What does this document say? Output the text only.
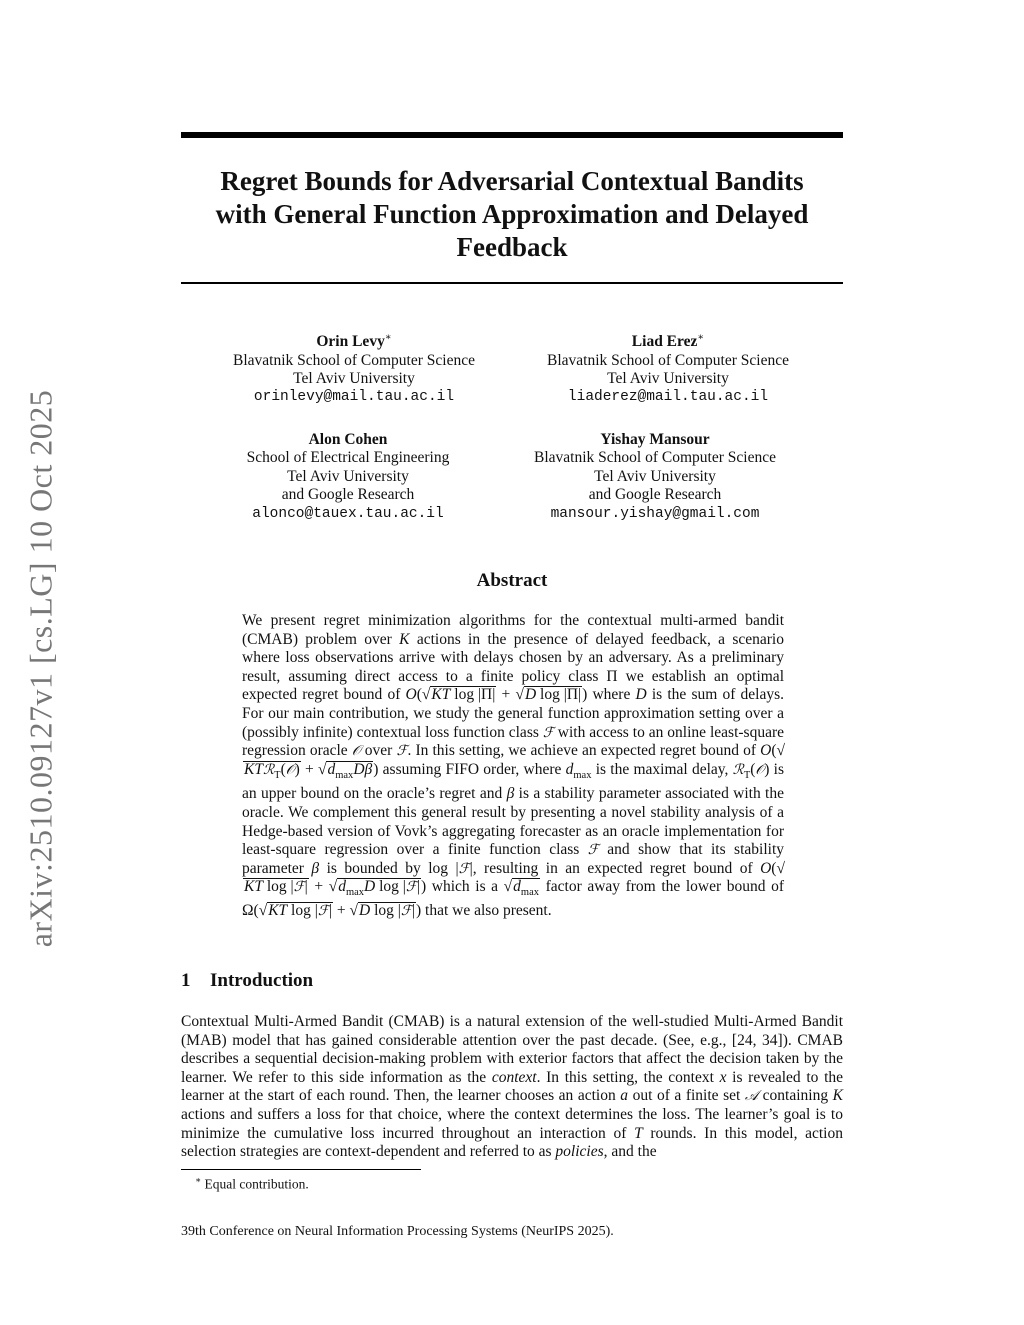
arXiv:2510.09127v1 [cs.LG] 10 Oct 2025
Regret Bounds for Adversarial Contextual Bandits
with General Function Approximation and Delayed
Feedback
Orin Levy∗
Blavatnik School of Computer Science
Tel Aviv University
orinlevy@mail.tau.ac.il
Liad Erez∗
Blavatnik School of Computer Science
Tel Aviv University
liaderez@mail.tau.ac.il
Alon Cohen
School of Electrical Engineering
Tel Aviv University
and Google Research
alonco@tauex.tau.ac.il
Yishay Mansour
Blavatnik School of Computer Science
Tel Aviv University
and Google Research
mansour.yishay@gmail.com
Abstract

We present regret minimization algorithms for the contextual multi-armed bandit (CMAB) problem over K actions in the presence of delayed feedback, a scenario where loss observations arrive with delays chosen by an adversary. As a preliminary result, assuming direct access to a finite policy class Π we establish an optimal expected regret bound of O(√KT log |Π| + √D log |Π|) where D is the sum of delays. For our main contribution, we study the general function approximation setting over a (possibly infinite) contextual loss function class ℱ with access to an online least-square regression oracle 𝒪 over ℱ. In this setting, we achieve an expected regret bound of O(√KTℛ$_T$(𝒪) + $√d_{max}D\beta$) assuming FIFO order, where $d_{max}$ is the maximal delay, ℛ$_T$(𝒪) is an upper bound on the oracle’s regret and β is a stability parameter associated with the oracle. We complement this general result by presenting a novel stability analysis of a Hedge-based version of Vovk’s aggregating forecaster as an oracle implementation for least-square regression over a finite function class ℱ and show that its stability parameter β is bounded by log |ℱ|, resulting in an expected regret bound of O(√KT log |ℱ| + $√d_{max}D$ log |ℱ|) which is a $√d_{max}$ factor away from the lower bound of Ω(√KT log |ℱ| + √D log |ℱ|) that we also present.

1 Introduction

Contextual Multi-Armed Bandit (CMAB) is a natural extension of the well-studied Multi-Armed Bandit (MAB) model that has gained considerable attention over the past decade. (See, e.g., [24, 34]). CMAB describes a sequential decision-making problem with exterior factors that affect the decision taken by the learner. We refer to this side information as the context. In this setting, the context x is revealed to the learner at the start of each round. Then, the learner chooses an action a out of a finite set 𝒜 containing K actions and suffers a loss for that choice, where the context determines the loss. The learner’s goal is to minimize the cumulative loss incurred throughout an interaction of T rounds. In this model, action selection strategies are context-dependent and referred to as policies, and the

∗ Equal contribution.
39th Conference on Neural Information Processing Systems (NeurIPS 2025).
